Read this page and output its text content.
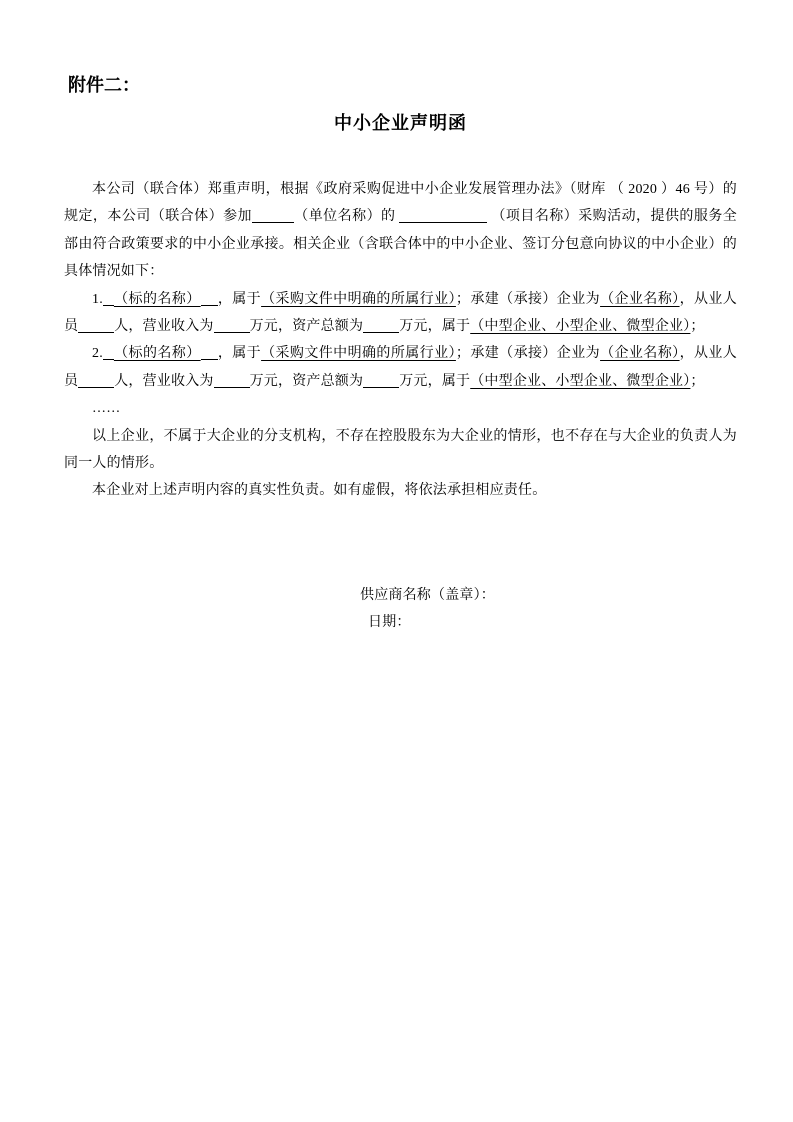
附件二：
中小企业声明函

本公司（联合体）郑重声明，根据《政府采购促进中小企业发展管理办法》（财库 （ 2020 ）46 号）的规定，本公司（联合体）参加	（单位名称）的	（项目名称）采购活动，提供的服务全部由符合政策要求的中小企业承接。相关企业（含联合体中的中小企业、签订分包意向协议的中小企业）的具体情况如下：

1. （标的名称） ，属于（采购文件中明确的所属行业）；承建（承接）企业为（企业名称），从业人员	人，营业收入为	万元，资产总额为	万元，属于（中型企业、小型企业、微型企业）；

2. （标的名称） ，属于（采购文件中明确的所属行业）；承建（承接）企业为（企业名称），从业人员	人，营业收入为	万元，资产总额为	万元，属于（中型企业、小型企业、微型企业）；

……

以上企业，不属于大企业的分支机构，不存在控股股东为大企业的情形，也不存在与大企业的负责人为同一人的情形。

本企业对上述声明内容的真实性负责。如有虚假，将依法承担相应责任。

供应商名称（盖章）：
日期：
